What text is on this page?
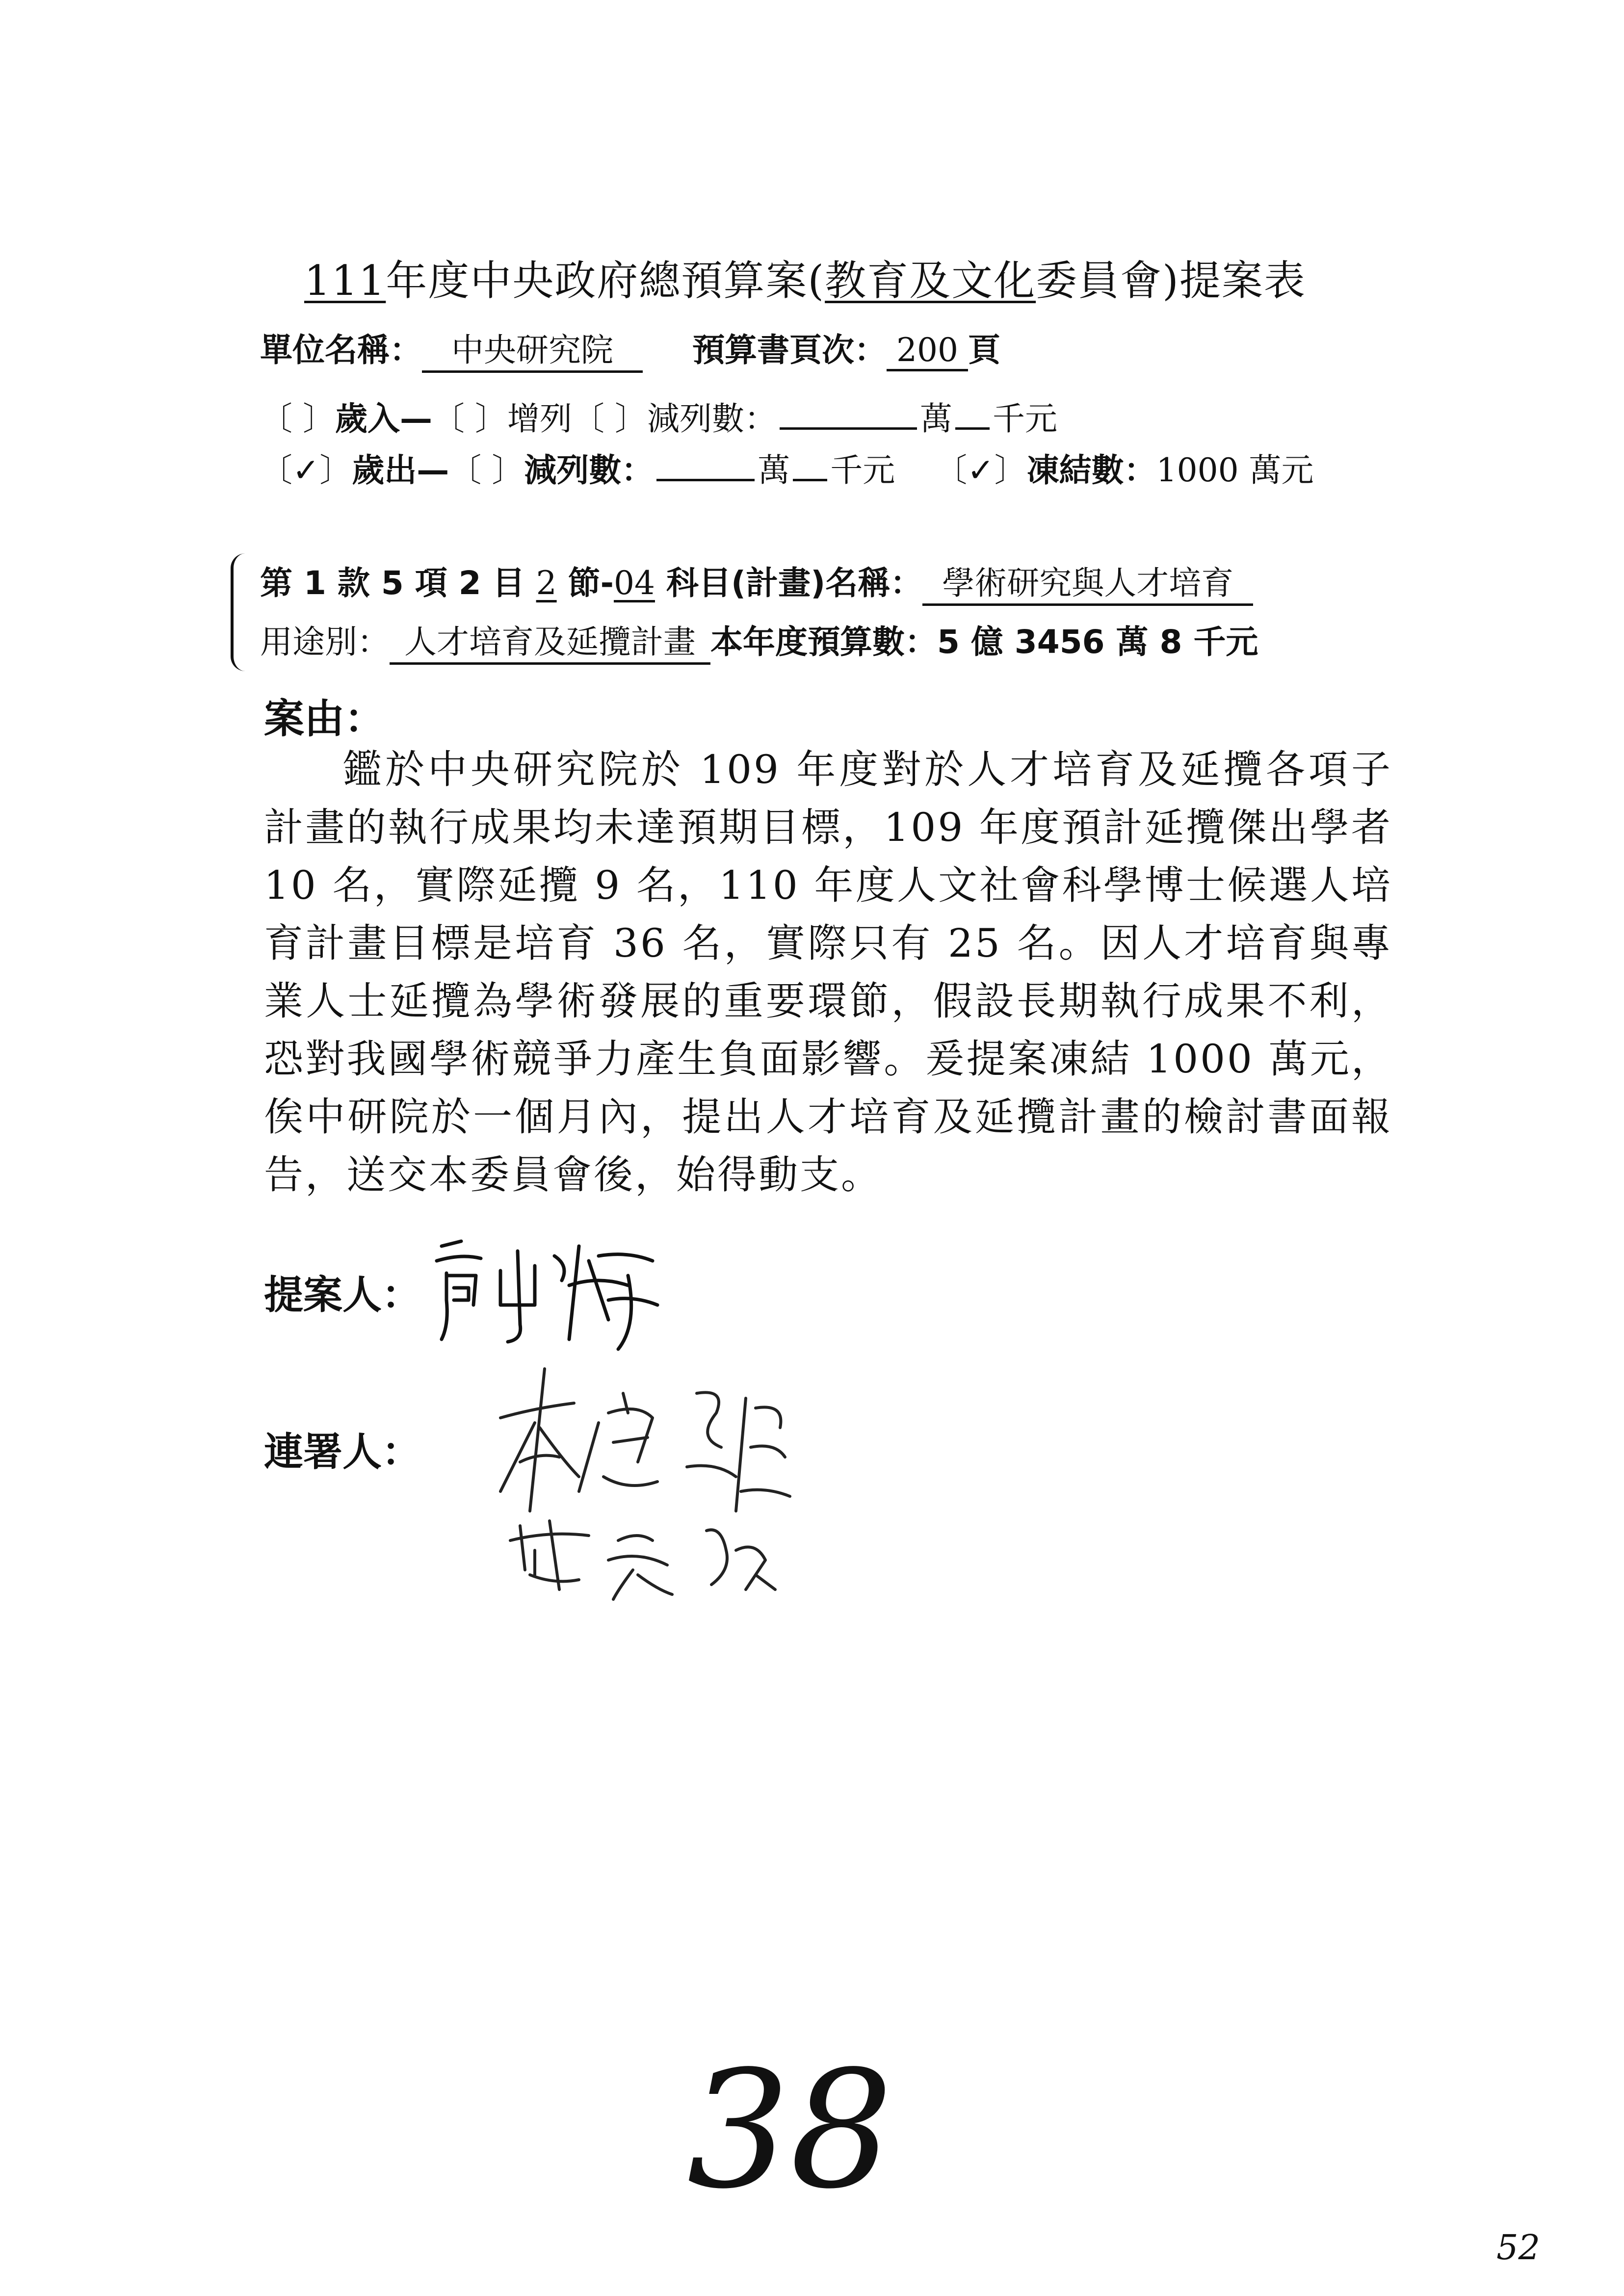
111年度中央政府總預算案(教育及文化委員會)提案表
單位名稱： 中央研究院 預算書頁次： 200 頁
〔 〕歲入—〔 〕增列〔 〕減列數：	萬 千元
〔✓〕歲出—〔 〕減列數：	萬 千元 〔✓〕凍結數：1000 萬元
第 1 款 5 項 2 目 2 節-04 科目(計畫)名稱： 學術研究與人才培育
用途別： 人才培育及延攬計畫 本年度預算數：5 億 3456 萬 8 千元
案由：
鑑於中央研究院於 109 年度對於人才培育及延攬各項子計畫的執行成果均未達預期目標，109 年度預計延攬傑出學者 10 名，實際延攬 9 名，110 年度人文社會科學博士候選人培育計畫目標是培育 36 名，實際只有 25 名。因人才培育與專業人士延攬為學術發展的重要環節，假設長期執行成果不利，恐對我國學術競爭力產生負面影響。爰提案凍結 1000 萬元，俟中研院於一個月內，提出人才培育及延攬計畫的檢討書面報告，送交本委員會後，始得動支。
提案人：
連署人：
38
52
